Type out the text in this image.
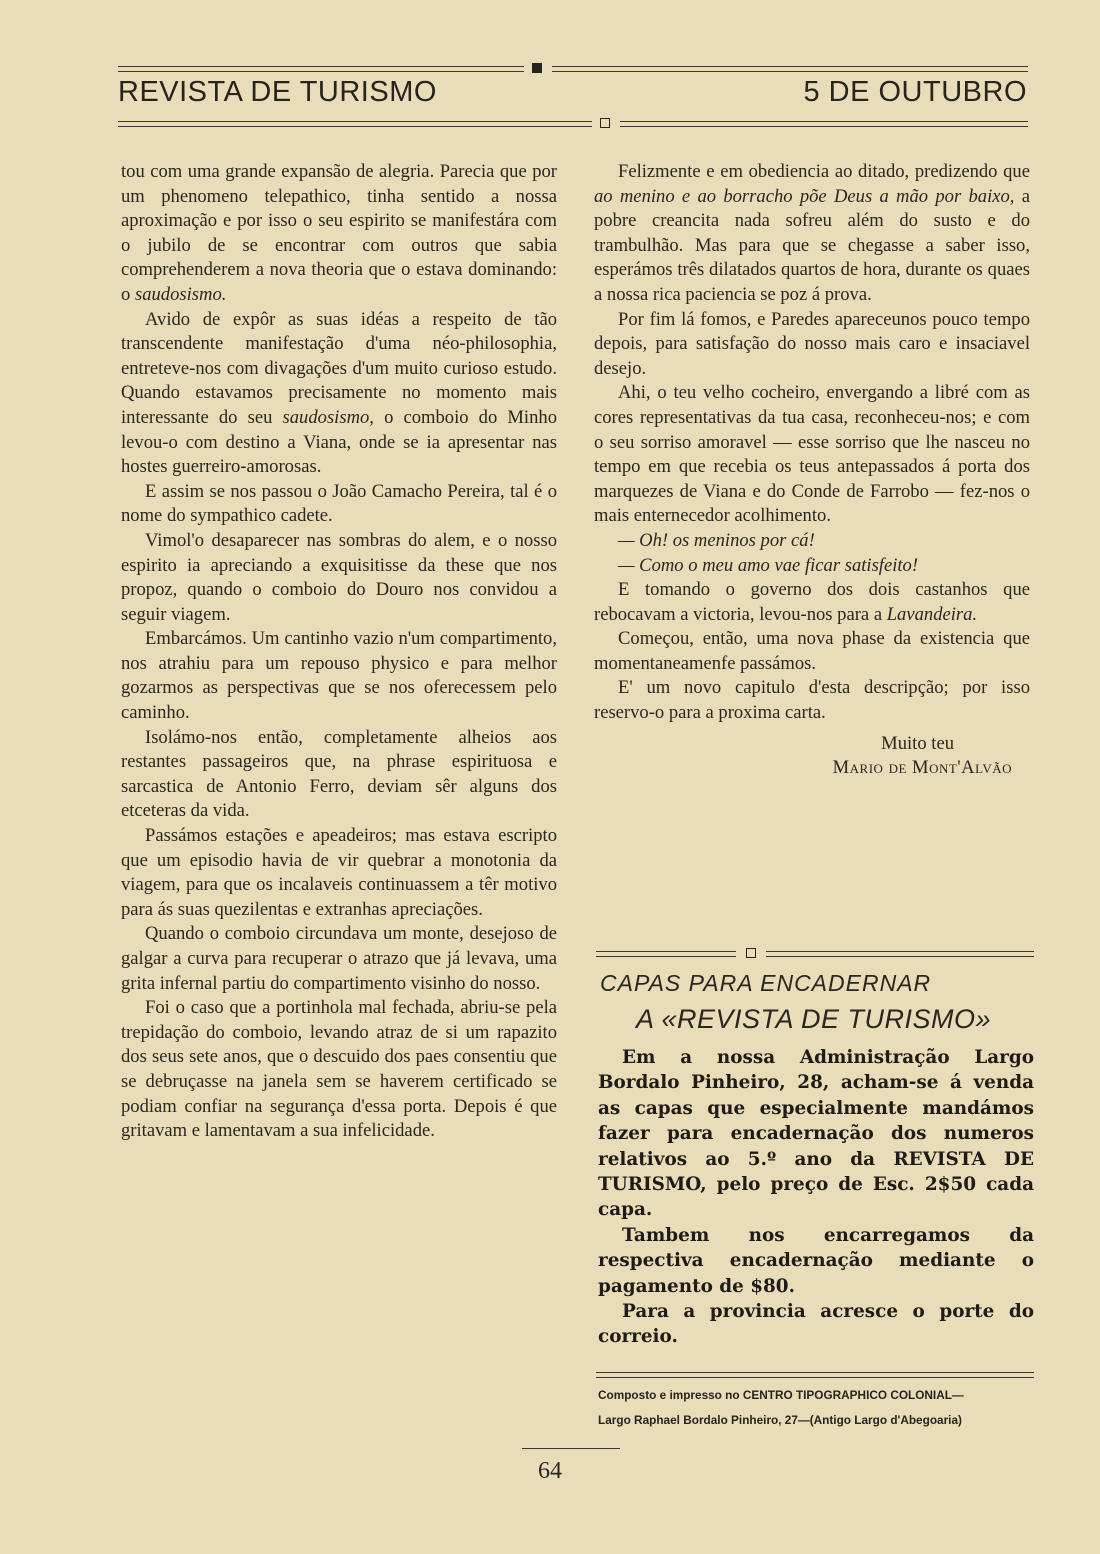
REVISTA DE TURISMO	5 DE OUTUBRO

tou com uma grande expansão de alegria. Parecia que por um phenomeno telepathico, tinha sentido a nossa aproximação e por isso o seu espirito se manifestára com o jubilo de se encontrar com outros que sabia comprehenderem a nova theoria que o estava dominando: o saudosismo.

Avido de expôr as suas idéas a respeito de tão transcendente manifestação d'uma néo-philosophia, entreteve-nos com divagações d'um muito curioso estudo. Quando estavamos precisamente no momento mais interessante do seu saudosismo, o comboio do Minho levou-o com destino a Viana, onde se ia apresentar nas hostes guerreiro-amorosas.

E assim se nos passou o João Camacho Pereira, tal é o nome do sympathico cadete.

Vimol'o desaparecer nas sombras do alem, e o nosso espirito ia apreciando a exquisitisse da these que nos propoz, quando o comboio do Douro nos convidou a seguir viagem.

Embarcámos. Um cantinho vazio n'um compartimento, nos atrahiu para um repouso physico e para melhor gozarmos as perspectivas que se nos oferecessem pelo caminho.

Isolámo-nos então, completamente alheios aos restantes passageiros que, na phrase espirituosa e sarcastica de Antonio Ferro, deviam sêr alguns dos etceteras da vida.

Passámos estações e apeadeiros; mas estava escripto que um episodio havia de vir quebrar a monotonia da viagem, para que os incalaveis continuassem a têr motivo para ás suas quezilentas e extranhas apreciações.

Quando o comboio circundava um monte, desejoso de galgar a curva para recuperar o atrazo que já levava, uma grita infernal partiu do compartimento visinho do nosso.

Foi o caso que a portinhola mal fechada, abriu-se pela trepidação do comboio, levando atraz de si um rapazito dos seus sete anos, que o descuido dos paes consentiu que se debruçasse na janela sem se haverem certificado se podiam confiar na segurança d'essa porta. Depois é que gritavam e lamentavam a sua infelicidade.

Felizmente e em obediencia ao ditado, predizendo que ao menino e ao borracho põe Deus a mão por baixo, a pobre creancita nada sofreu além do susto e do trambulhão. Mas para que se chegasse a saber isso, esperámos três dilatados quartos de hora, durante os quaes a nossa rica paciencia se poz á prova.

Por fim lá fomos, e Paredes apareceunos pouco tempo depois, para satisfação do nosso mais caro e insaciavel desejo.

Ahi, o teu velho cocheiro, envergando a libré com as cores representativas da tua casa, reconheceu-nos; e com o seu sorriso amoravel — esse sorriso que lhe nasceu no tempo em que recebia os teus antepassados á porta dos marquezes de Viana e do Conde de Farrobo — fez-nos o mais enternecedor acolhimento.

— Oh! os meninos por cá!

— Como o meu amo vae ficar satisfeito!

E tomando o governo dos dois castanhos que rebocavam a victoria, levou-nos para a Lavandeira.

Começou, então, uma nova phase da existencia que momentaneamenfe passámos.

E' um novo capitulo d'esta descripção; por isso reservo-o para a proxima carta.

Muito teu

Mario de Mont'Alvão

CAPAS PARA ENCADERNAR
A «REVISTA DE TURISMO»

Em a nossa Administração Largo Bordalo Pinheiro, 28, acham-se á venda as capas que especialmente mandámos fazer para encadernação dos numeros relativos ao 5.º ano da REVISTA DE TURISMO, pelo preço de Esc. 2$50 cada capa.

Tambem nos encarregamos da respectiva encadernação mediante o pagamento de $80.

Para a provincia acresce o porte do correio.

Composto e impresso no CENTRO TIPOGRAPHICO COLONIAL—
Largo Raphael Bordalo Pinheiro, 27—(Antigo Largo d'Abegoaria)
64
